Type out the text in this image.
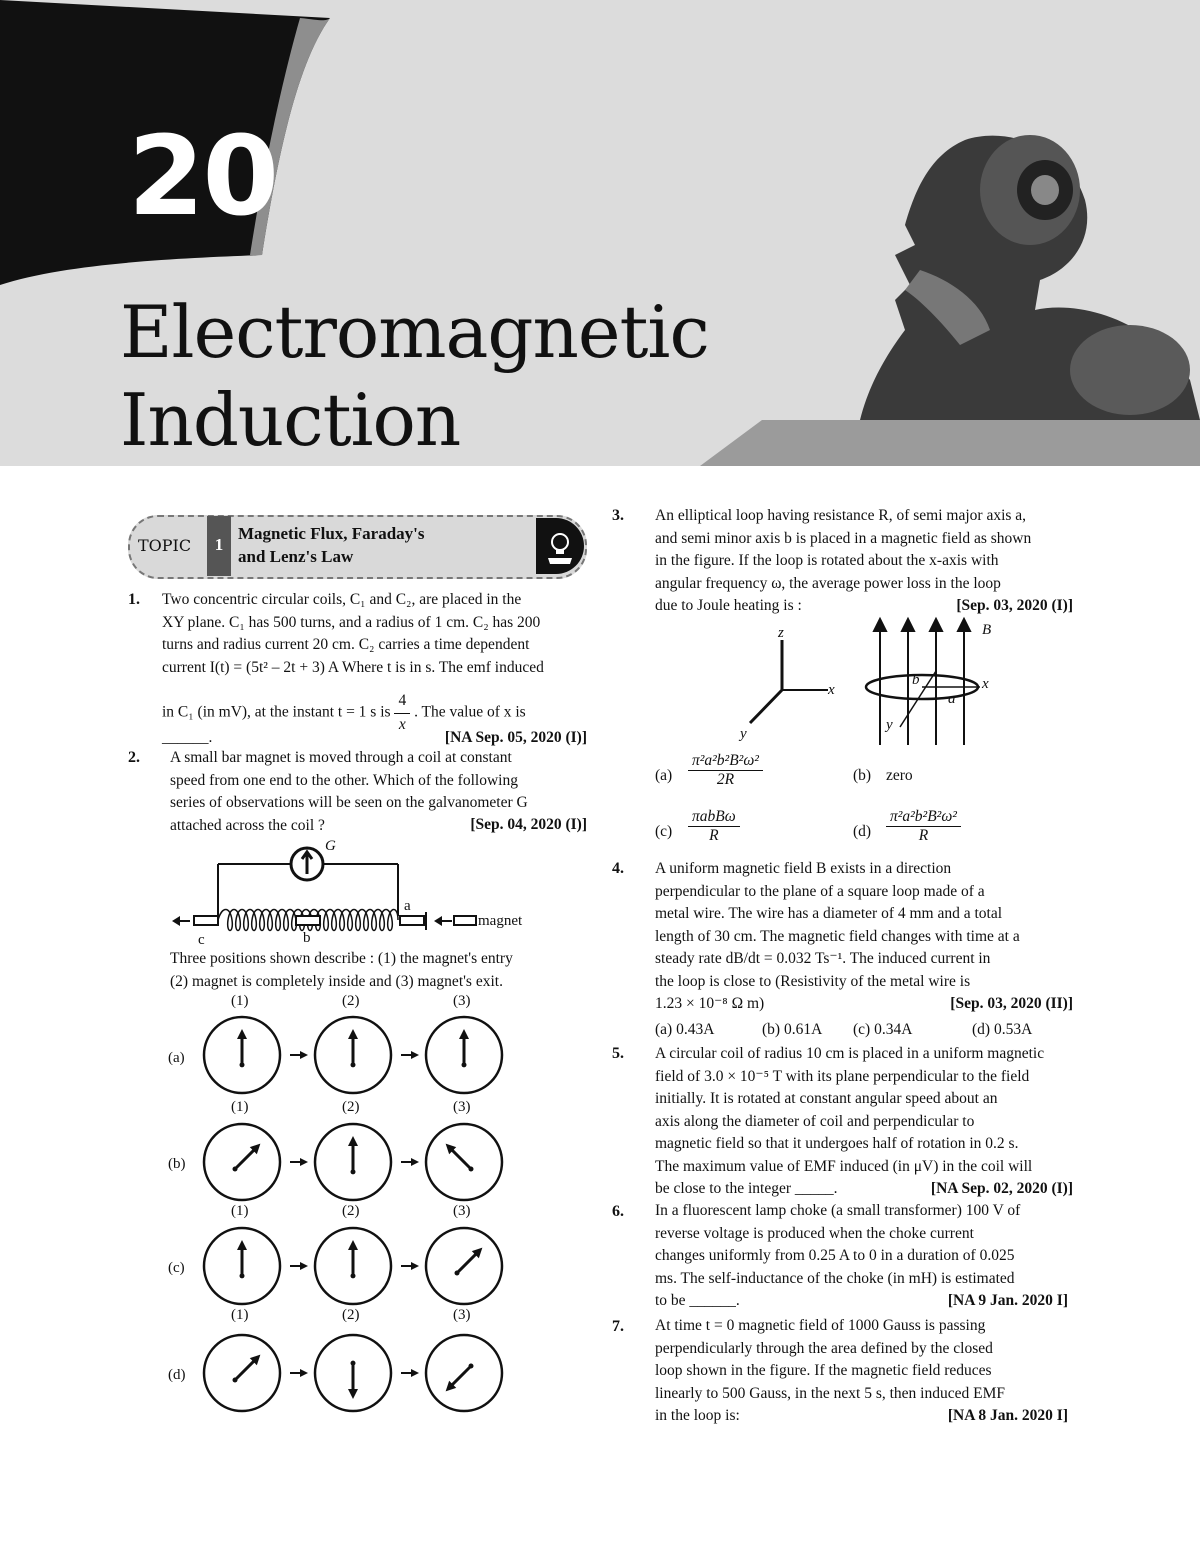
20
Electromagnetic
Induction
TOPIC	1
Magnetic Flux, Faraday's
and Lenz's Law
1. Two concentric circular coils, C₁ and C₂, are placed in the
XY plane. C₁ has 500 turns, and a radius of 1 cm. C₂ has 200
turns and radius current 20 cm. C₂ carries a time dependent
current I(t) = (5t² – 2t + 3) A Where t is in s. The emf induced
in C₁ (in mV), at the instant t = 1 s is $\frac{4}{x}$ . The value of x is
______.	[NA Sep. 05, 2020 (I)]
2. A small bar magnet is moved through a coil at constant
speed from one end to the other. Which of the following
series of observations will be seen on the galvanometer G
attached across the coil ?	[Sep. 04, 2020 (I)]
G
a
b
c
magnet
Three positions shown describe : (1) the magnet's entry
(2) magnet is completely inside and (3) magnet's exit.
(1)	(2)	(3)
(1)	(2)	(3)
(1)	(2)	(3)
(1)	(2)	(3)
(a)
(b)
(c)
(d)
3. An elliptical loop having resistance R, of semi major axis a,
and semi minor axis b is placed in a magnetic field as shown
in the figure. If the loop is rotated about the x-axis with
angular frequency ω, the average power loss in the loop
due to Joule heating is :	[Sep. 03, 2020 (I)]
z
x
y
B
b
a
x
y
$(a) \frac{\text{π²a²b²B²ω²}}{2R}$	(b) zero
$(c) \frac{\text{πabBω}}{R}$	$(d) \frac{\text{π²a²b²B²ω²}}{R}$
4. A uniform magnetic field B exists in a direction
perpendicular to the plane of a square loop made of a
metal wire. The wire has a diameter of 4 mm and a total
length of 30 cm. The magnetic field changes with time at a
steady rate dB/dt = 0.032 Ts⁻¹. The induced current in
the loop is close to (Resistivity of the metal wire is
1.23 × 10⁻⁸ Ω m)	[Sep. 03, 2020 (II)]
(a) 0.43A	(b) 0.61A (c) 0.34A	(d) 0.53A
5. A circular coil of radius 10 cm is placed in a uniform magnetic
field of 3.0 × 10⁻⁵ T with its plane perpendicular to the field
initially. It is rotated at constant angular speed about an
axis along the diameter of coil and perpendicular to
magnetic field so that it undergoes half of rotation in 0.2 s.
The maximum value of EMF induced (in μV) in the coil will
be close to the integer _____.	[NA Sep. 02, 2020 (I)]
6. In a fluorescent lamp choke (a small transformer) 100 V of
reverse voltage is produced when the choke current
changes uniformly from 0.25 A to 0 in a duration of 0.025
ms. The self-inductance of the choke (in mH) is estimated
to be ______.	[NA 9 Jan. 2020 I]
7. At time t = 0 magnetic field of 1000 Gauss is passing
perpendicularly through the area defined by the closed
loop shown in the figure. If the magnetic field reduces
linearly to 500 Gauss, in the next 5 s, then induced EMF
in the loop is:	[NA 8 Jan. 2020 I]
